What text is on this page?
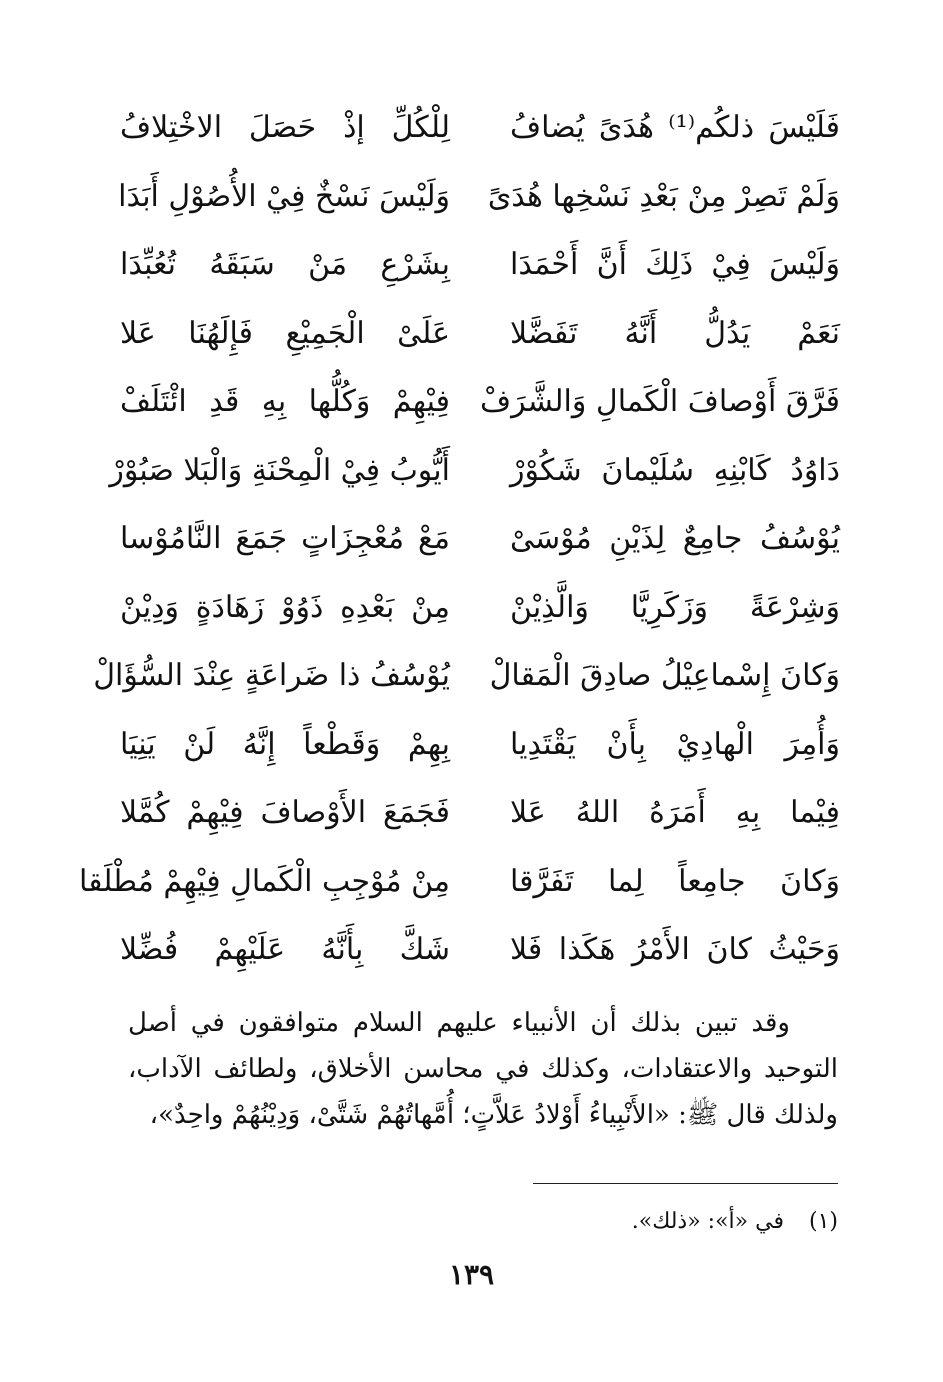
فَلَيْسَ ذلكُم⁽¹⁾ هُدَىً يُضافُ
لِلْكُلِّ إذْ حَصَلَ الاخْتِلافُ
وَلَمْ تَصِرْ مِنْ بَعْدِ نَسْخِها هُدَىً
وَلَيْسَ نَسْخٌ فِيْ الأُصُوْلِ أَبَدَا
وَلَيْسَ فِيْ ذَلِكَ أَنَّ أَحْمَدَا
بِشَرْعِ مَنْ سَبَقَهُ تُعُبِّدَا
نَعَمْ يَدُلُّ أَنَّهُ تَفَضَّلا
عَلَىْ الْجَمِيْعِ فَإِلَهُنَا عَلا
فَرَّقَ أَوْصافَ الْكَمالِ وَالشَّرَفْ
فِيْهِمْ وَكُلُّها بِهِ قَدِ ائْتَلَفْ
دَاوُدُ كَابْنِهِ سُلَيْمانَ شَكُوْرْ
أَيُّوبُ فِيْ الْمِحْنَةِ وَالْبَلا صَبُوْرْ
يُوْسُفُ جامِعٌ لِذَيْنِ مُوْسَىْ
مَعْ مُعْجِزَاتٍ جَمَعَ النَّامُوْسا
وَشِرْعَةً وَزَكَرِيَّا وَالَّذِيْنْ
مِنْ بَعْدِهِ ذَوُوْ زَهَادَةٍ وَدِيْنْ
وَكانَ إِسْماعِيْلُ صادِقَ الْمَقالْ
يُوْسُفُ ذا ضَراعَةٍ عِنْدَ السُّؤَالْ
وَأُمِرَ الْهادِيْ بِأَنْ يَقْتَدِيا
بِهِمْ وَقَطْعاً إِنَّهُ لَنْ يَنِيَا
فِيْما بِهِ أَمَرَهُ اللهُ عَلا
فَجَمَعَ الأَوْصافَ فِيْهِمْ كُمَّلا
وَكانَ جامِعاً لِما تَفَرَّقا
مِنْ مُوْجِبِ الْكَمالِ فِيْهِمْ مُطْلَقا
وَحَيْثُ كانَ الأَمْرُ هَكَذا فَلا
شَكَّ بِأَنَّهُ عَلَيْهِمْ فُضِّلا

وقد تبين بذلك أن الأنبياء عليهم السلام متوافقون في أصل التوحيد والاعتقادات، وكذلك في محاسن الأخلاق، ولطائف الآداب، ولذلك قال ﷺ: «الأَنْبِياءُ أَوْلادُ عَلاَّتٍ؛ أُمَّهاتُهُمْ شَتَّىْ، وَدِيْنُهُمْ واحِدٌ»،

(١) في «أ»: «ذلك».
١٣٩
